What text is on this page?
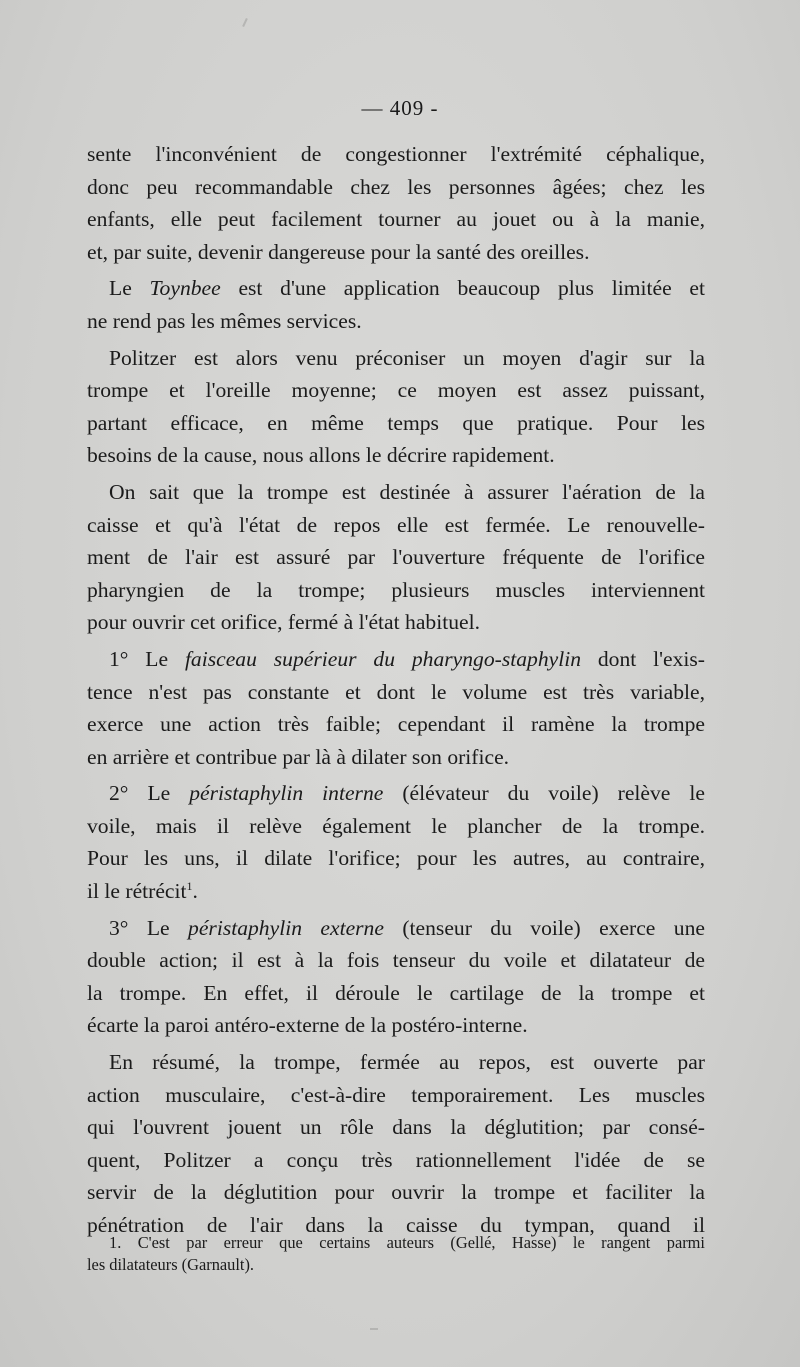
— 409 -
sente l'inconvénient de congestionner l'extrémité céphalique,
donc peu recommandable chez les personnes âgées; chez les
enfants, elle peut facilement tourner au jouet ou à la manie,
et, par suite, devenir dangereuse pour la santé des oreilles.
Le Toynbee est d'une application beaucoup plus limitée et
ne rend pas les mêmes services.
Politzer est alors venu préconiser un moyen d'agir sur la
trompe et l'oreille moyenne; ce moyen est assez puissant,
partant efficace, en même temps que pratique. Pour les
besoins de la cause, nous allons le décrire rapidement.
On sait que la trompe est destinée à assurer l'aération de la
caisse et qu'à l'état de repos elle est fermée. Le renouvelle-
ment de l'air est assuré par l'ouverture fréquente de l'orifice
pharyngien de la trompe; plusieurs muscles interviennent
pour ouvrir cet orifice, fermé à l'état habituel.
1° Le faisceau supérieur du pharyngo-staphylin dont l'exis-
tence n'est pas constante et dont le volume est très variable,
exerce une action très faible; cependant il ramène la trompe
en arrière et contribue par là à dilater son orifice.
2° Le péristaphylin interne (élévateur du voile) relève le
voile, mais il relève également le plancher de la trompe.
Pour les uns, il dilate l'orifice; pour les autres, au contraire,
il le rétrécit$^1$.
3° Le péristaphylin externe (tenseur du voile) exerce une
double action; il est à la fois tenseur du voile et dilatateur de
la trompe. En effet, il déroule le cartilage de la trompe et
écarte la paroi antéro-externe de la postéro-interne.
En résumé, la trompe, fermée au repos, est ouverte par
action musculaire, c'est-à-dire temporairement. Les muscles
qui l'ouvrent jouent un rôle dans la déglutition; par consé-
quent, Politzer a conçu très rationnellement l'idée de se
servir de la déglutition pour ouvrir la trompe et faciliter la
pénétration de l'air dans la caisse du tympan, quand il
1. C'est par erreur que certains auteurs (Gellé, Hasse) le rangent parmi
les dilatateurs (Garnault).
